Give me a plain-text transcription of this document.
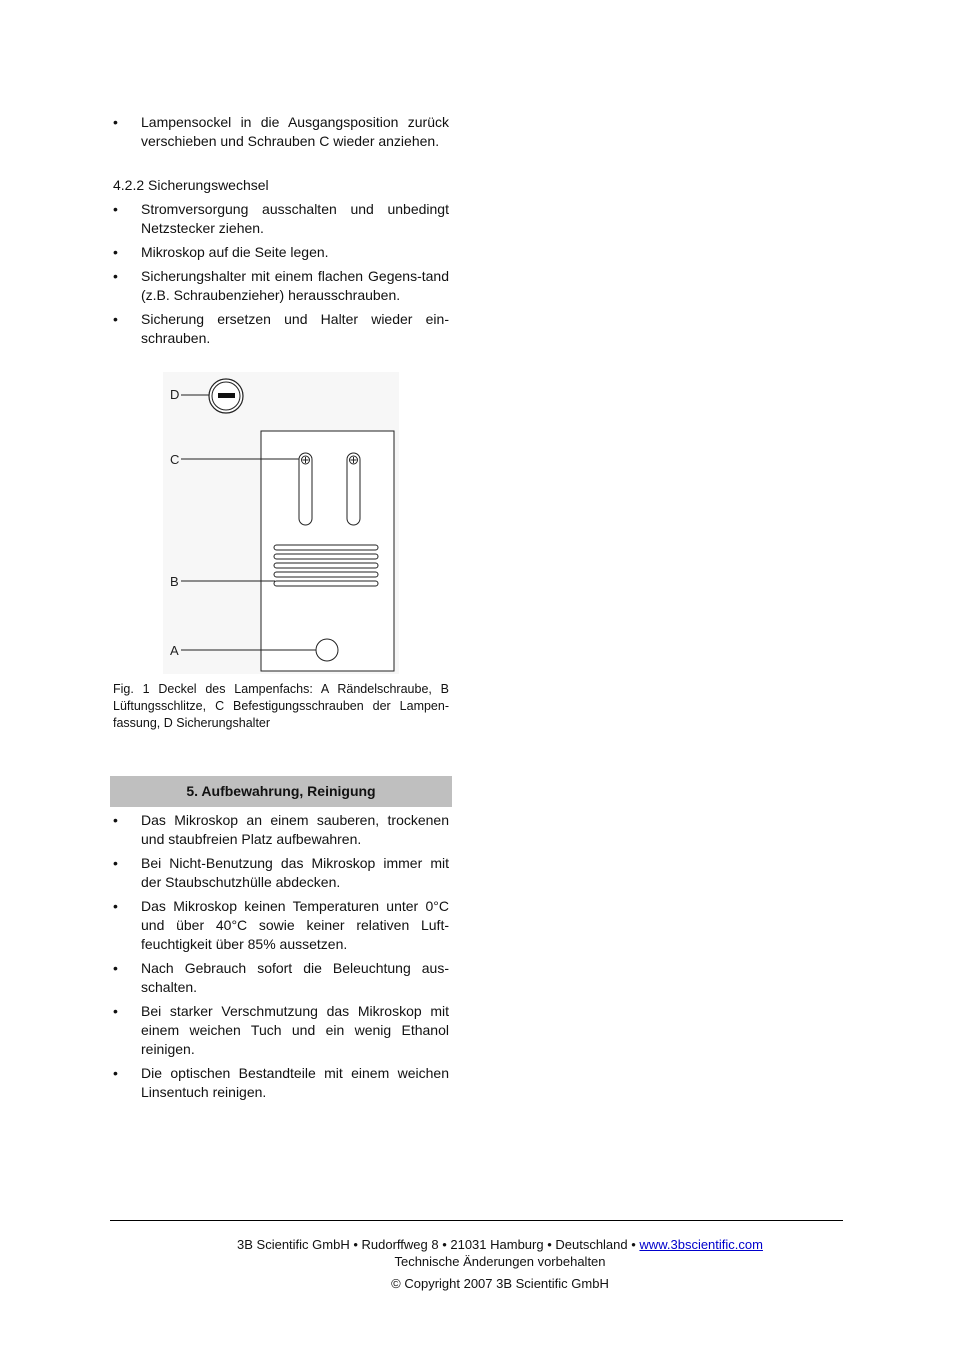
• Lampensockel in die Ausgangsposition zurück verschieben und Schrauben C wieder anziehen.
4.2.2 Sicherungswechsel
• Stromversorgung ausschalten und unbedingt Netzstecker ziehen.
• Mikroskop auf die Seite legen.
• Sicherungshalter mit einem flachen Gegens-tand (z.B. Schraubenzieher) herausschrauben.
• Sicherung ersetzen und Halter wieder ein-schrauben.
D
C
B
A
Fig. 1 Deckel des Lampenfachs: A Rändelschraube, B Lüftungsschlitze, C Befestigungsschrauben der Lampen-fassung, D Sicherungshalter
5. Aufbewahrung, Reinigung
• Das Mikroskop an einem sauberen, trockenen und staubfreien Platz aufbewahren.
• Bei Nicht-Benutzung das Mikroskop immer mit der Staubschutzhülle abdecken.
• Das Mikroskop keinen Temperaturen unter 0°C und über 40°C sowie keiner relativen Luft-feuchtigkeit über 85% aussetzen.
• Nach Gebrauch sofort die Beleuchtung aus-schalten.
• Bei starker Verschmutzung das Mikroskop mit einem weichen Tuch und ein wenig Ethanol reinigen.
• Die optischen Bestandteile mit einem weichen Linsentuch reinigen.
3B Scientific GmbH • Rudorffweg 8 • 21031 Hamburg • Deutschland • www.3bscientific.com
Technische Änderungen vorbehalten
© Copyright 2007 3B Scientific GmbH
